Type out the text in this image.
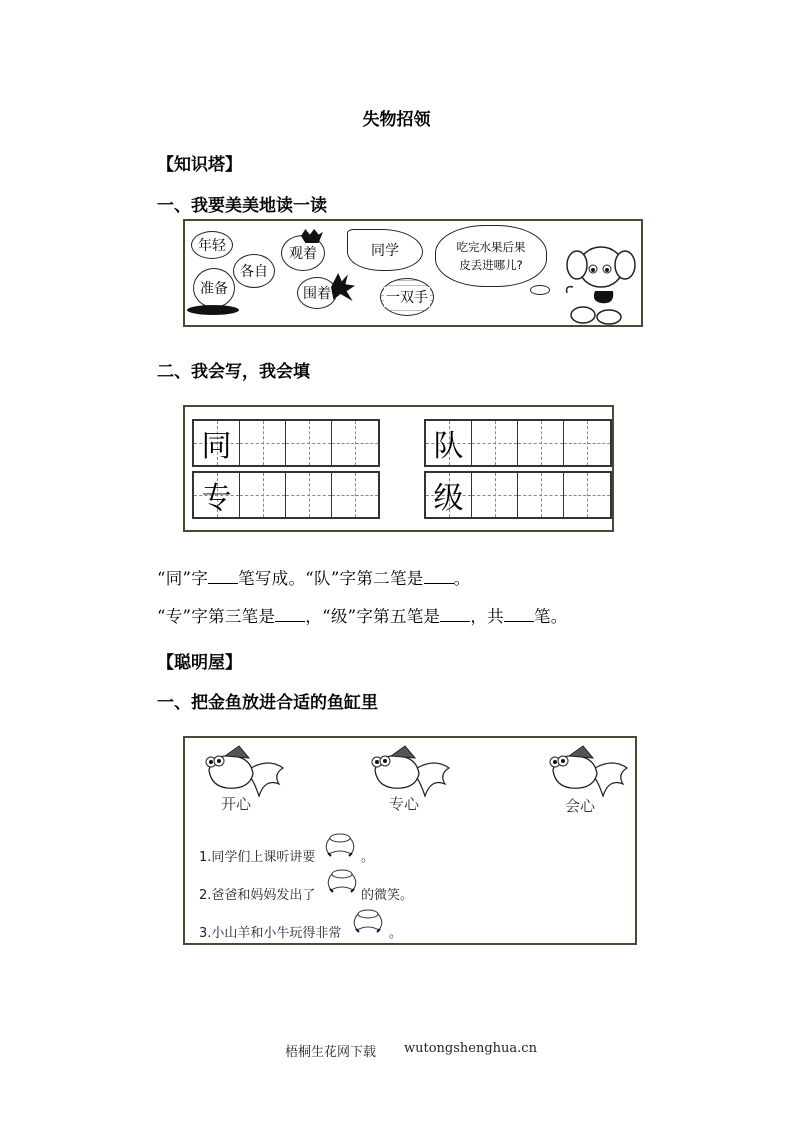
失物招领
【知识塔】
一、我要美美地读一读
年轻
各自
观着	同学
准备	围着	一双手
吃完水果后果
皮丢进哪儿?
二、我会写，我会填
同	队
专	级
“同”字 笔写成。“队”字第二笔是 。
“专”字第三笔是 ，“级”字第五笔是 ，共 笔。
【聪明屋】
一、把金鱼放进合适的鱼缸里
开心	专心	会心
1.同学们上课听讲要	。
2.爸爸和妈妈发出了	的微笑。
3.小山羊和小牛玩得非常	。
梧桐生花网下载 wutongshenghua.cn
